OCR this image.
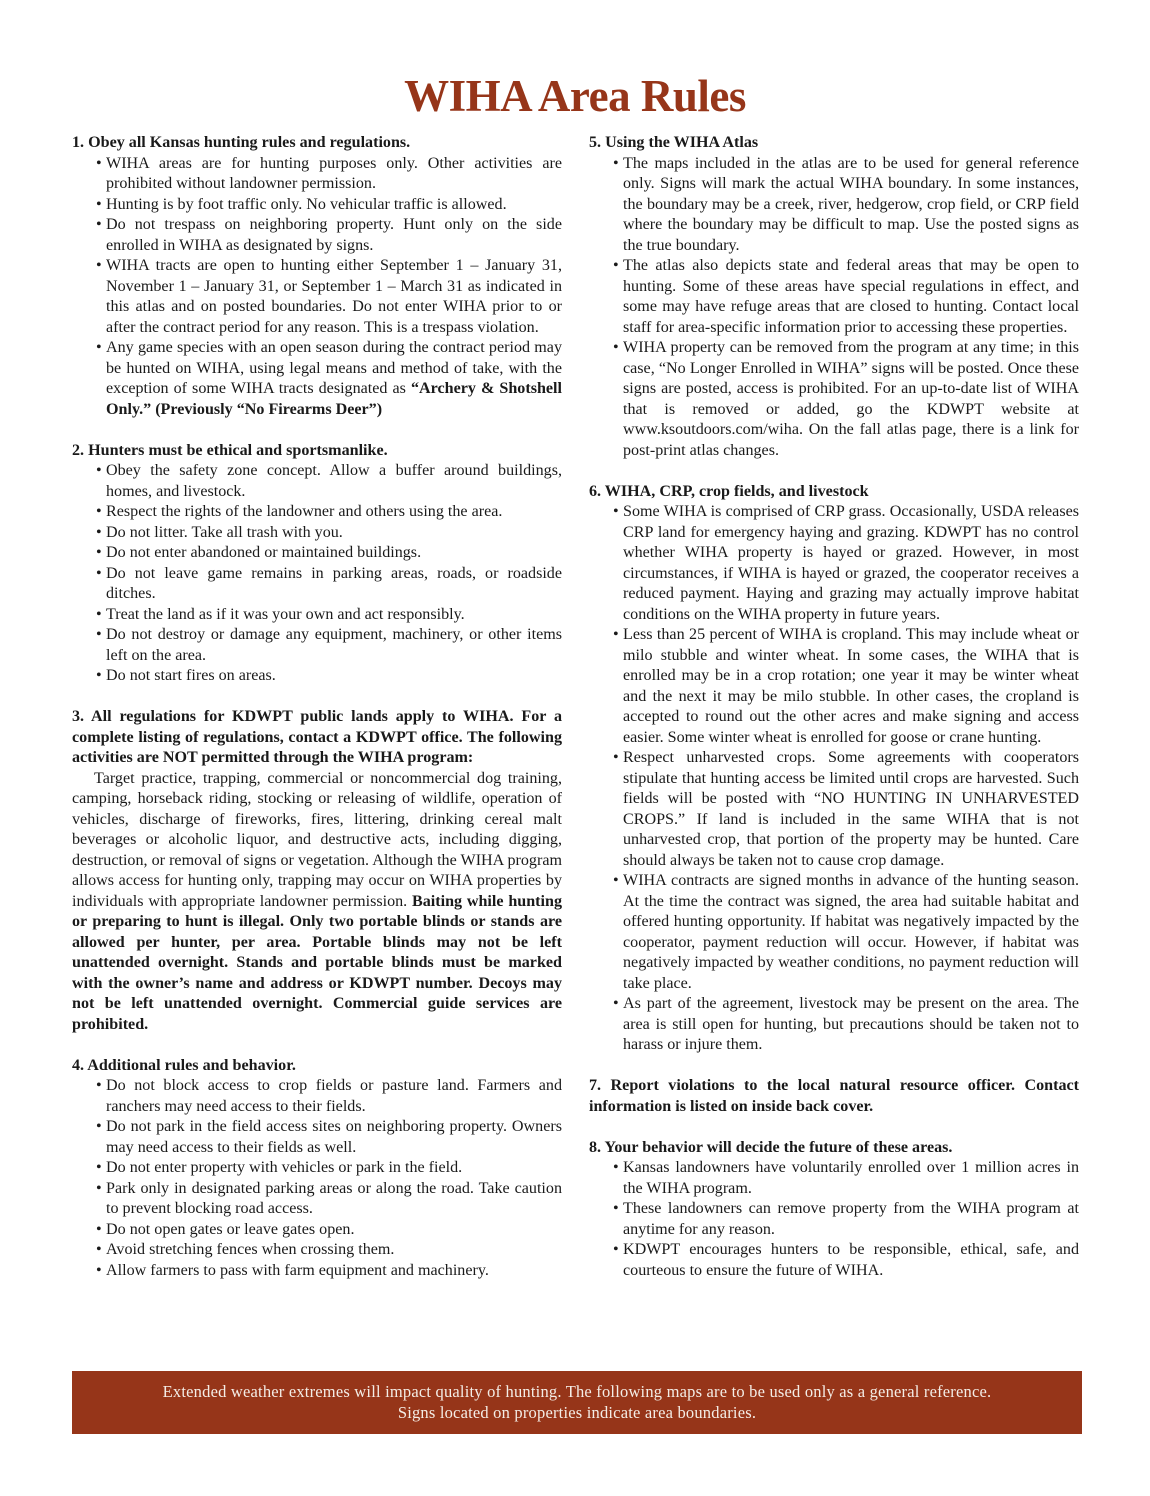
WIHA Area Rules
1. Obey all Kansas hunting rules and regulations.
• WIHA areas are for hunting purposes only. Other activities are prohibited without landowner permission.
• Hunting is by foot traffic only. No vehicular traffic is allowed.
• Do not trespass on neighboring property. Hunt only on the side enrolled in WIHA as designated by signs.
• WIHA tracts are open to hunting either September 1 – January 31, November 1 – January 31, or September 1 – March 31 as indicated in this atlas and on posted boundaries. Do not enter WIHA prior to or after the contract period for any reason. This is a trespass violation.
• Any game species with an open season during the contract period may be hunted on WIHA, using legal means and method of take, with the exception of some WIHA tracts designated as “Archery & Shotshell Only.” (Previously “No Firearms Deer”)
2. Hunters must be ethical and sportsmanlike.
• Obey the safety zone concept. Allow a buffer around buildings, homes, and livestock.
• Respect the rights of the landowner and others using the area.
• Do not litter. Take all trash with you.
• Do not enter abandoned or maintained buildings.
• Do not leave game remains in parking areas, roads, or roadside ditches.
• Treat the land as if it was your own and act responsibly.
• Do not destroy or damage any equipment, machinery, or other items left on the area.
• Do not start fires on areas.
3. All regulations for KDWPT public lands apply to WIHA. For a complete listing of regulations, contact a KDWPT office. The following activities are NOT permitted through the WIHA program:
Target practice, trapping, commercial or noncommercial dog training, camping, horseback riding, stocking or releasing of wildlife, operation of vehicles, discharge of fireworks, fires, littering, drinking cereal malt beverages or alcoholic liquor, and destructive acts, including digging, destruction, or removal of signs or vegetation. Although the WIHA program allows access for hunting only, trapping may occur on WIHA properties by individuals with appropriate landowner permission. Baiting while hunting or preparing to hunt is illegal. Only two portable blinds or stands are allowed per hunter, per area. Portable blinds may not be left unattended overnight. Stands and portable blinds must be marked with the owner’s name and address or KDWPT number. Decoys may not be left unattended overnight. Commercial guide services are prohibited.
4. Additional rules and behavior.
• Do not block access to crop fields or pasture land. Farmers and ranchers may need access to their fields.
• Do not park in the field access sites on neighboring property. Owners may need access to their fields as well.
• Do not enter property with vehicles or park in the field.
• Park only in designated parking areas or along the road. Take caution to prevent blocking road access.
• Do not open gates or leave gates open.
• Avoid stretching fences when crossing them.
• Allow farmers to pass with farm equipment and machinery.
5. Using the WIHA Atlas
• The maps included in the atlas are to be used for general reference only. Signs will mark the actual WIHA boundary. In some instances, the boundary may be a creek, river, hedgerow, crop field, or CRP field where the boundary may be difficult to map. Use the posted signs as the true boundary.
• The atlas also depicts state and federal areas that may be open to hunting. Some of these areas have special regulations in effect, and some may have refuge areas that are closed to hunting. Contact local staff for area-specific information prior to accessing these properties.
• WIHA property can be removed from the program at any time; in this case, “No Longer Enrolled in WIHA” signs will be posted. Once these signs are posted, access is prohibited. For an up-to-date list of WIHA that is removed or added, go the KDWPT website at www.ksoutdoors.com/wiha. On the fall atlas page, there is a link for post-print atlas changes.
6. WIHA, CRP, crop fields, and livestock
• Some WIHA is comprised of CRP grass. Occasionally, USDA releases CRP land for emergency haying and grazing. KDWPT has no control whether WIHA property is hayed or grazed. However, in most circumstances, if WIHA is hayed or grazed, the cooperator receives a reduced payment. Haying and grazing may actually improve habitat conditions on the WIHA property in future years.
• Less than 25 percent of WIHA is cropland. This may include wheat or milo stubble and winter wheat. In some cases, the WIHA that is enrolled may be in a crop rotation; one year it may be winter wheat and the next it may be milo stubble. In other cases, the cropland is accepted to round out the other acres and make signing and access easier. Some winter wheat is enrolled for goose or crane hunting.
• Respect unharvested crops. Some agreements with cooperators stipulate that hunting access be limited until crops are harvested. Such fields will be posted with “NO HUNTING IN UNHARVESTED CROPS.” If land is included in the same WIHA that is not unharvested crop, that portion of the property may be hunted. Care should always be taken not to cause crop damage.
• WIHA contracts are signed months in advance of the hunting season. At the time the contract was signed, the area had suitable habitat and offered hunting opportunity. If habitat was negatively impacted by the cooperator, payment reduction will occur. However, if habitat was negatively impacted by weather conditions, no payment reduction will take place.
• As part of the agreement, livestock may be present on the area. The area is still open for hunting, but precautions should be taken not to harass or injure them.
7. Report violations to the local natural resource officer. Contact information is listed on inside back cover.
8. Your behavior will decide the future of these areas.
• Kansas landowners have voluntarily enrolled over 1 million acres in the WIHA program.
• These landowners can remove property from the WIHA program at anytime for any reason.
• KDWPT encourages hunters to be responsible, ethical, safe, and courteous to ensure the future of WIHA.
Extended weather extremes will impact quality of hunting. The following maps are to be used only as a general reference.
Signs located on properties indicate area boundaries.
